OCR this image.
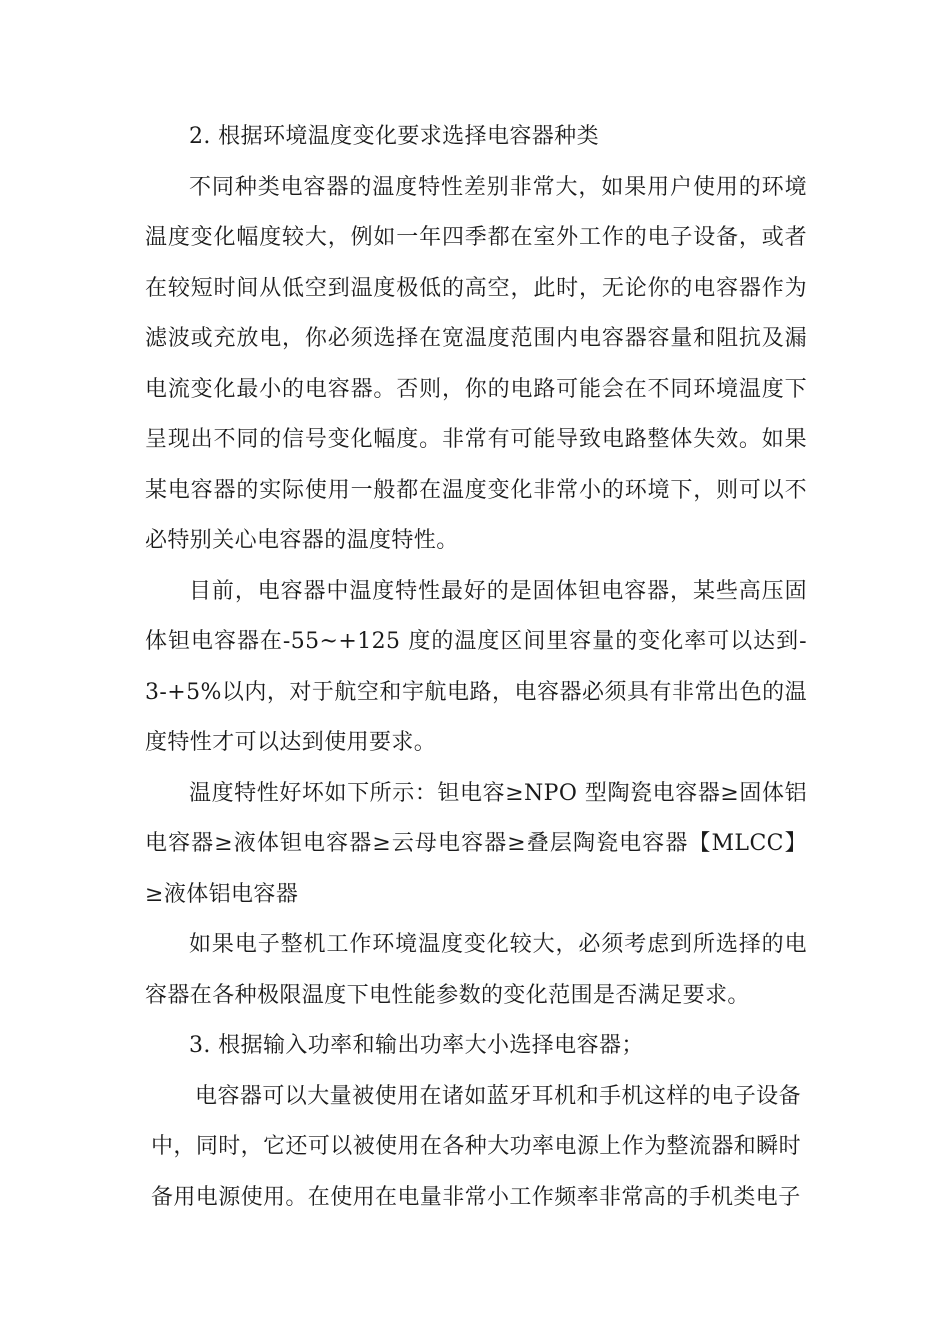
2. 根据环境温度变化要求选择电容器种类

不同种类电容器的温度特性差别非常大，如果用户使用的环境温度变化幅度较大，例如一年四季都在室外工作的电子设备，或者在较短时间从低空到温度极低的高空，此时，无论你的电容器作为滤波或充放电，你必须选择在宽温度范围内电容器容量和阻抗及漏电流变化最小的电容器。否则，你的电路可能会在不同环境温度下呈现出不同的信号变化幅度。非常有可能导致电路整体失效。如果某电容器的实际使用一般都在温度变化非常小的环境下，则可以不必特别关心电容器的温度特性。

目前，电容器中温度特性最好的是固体钽电容器，某些高压固体钽电容器在-55~+125 度的温度区间里容量的变化率可以达到-3-+5%以内，对于航空和宇航电路，电容器必须具有非常出色的温度特性才可以达到使用要求。

温度特性好坏如下所示：钽电容≥NPO 型陶瓷电容器≥固体铝电容器≥液体钽电容器≥云母电容器≥叠层陶瓷电容器【MLCC】≥液体铝电容器

如果电子整机工作环境温度变化较大，必须考虑到所选择的电容器在各种极限温度下电性能参数的变化范围是否满足要求。

3. 根据输入功率和输出功率大小选择电容器；

电容器可以大量被使用在诸如蓝牙耳机和手机这样的电子设备中，同时，它还可以被使用在各种大功率电源上作为整流器和瞬时备用电源使用。在使用在电量非常小工作频率非常高的手机类电子
